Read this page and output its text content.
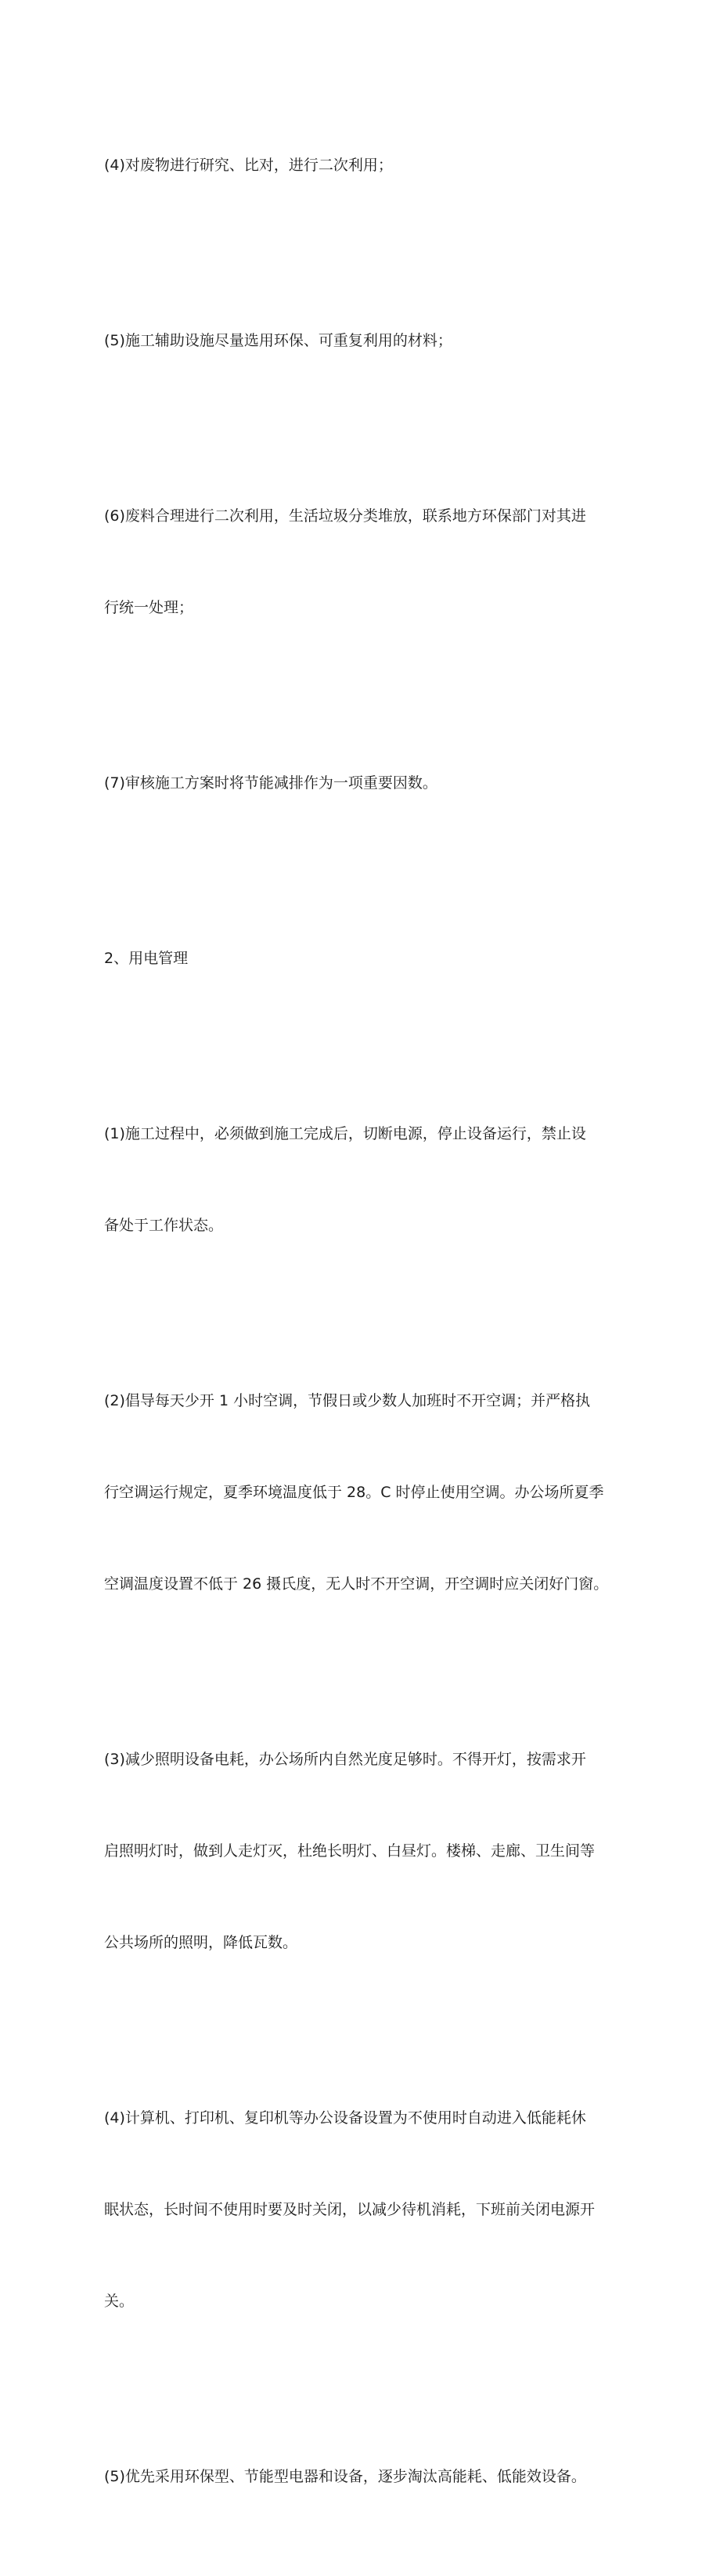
(4)对废物进行研究、比对，进行二次利用；

(5)施工辅助设施尽量选用环保、可重复利用的材料；

(6)废料合理进行二次利用，生活垃圾分类堆放，联系地方环保部门对其进

行统一处理；

(7)审核施工方案时将节能减排作为一项重要因数。

2、用电管理

(1)施工过程中，必须做到施工完成后，切断电源，停止设备运行，禁止设

备处于工作状态。

(2)倡导每天少开 1 小时空调，节假日或少数人加班时不开空调；并严格执

行空调运行规定，夏季环境温度低于 28。C 时停止使用空调。办公场所夏季

空调温度设置不低于 26 摄氏度，无人时不开空调，开空调时应关闭好门窗。

(3)减少照明设备电耗，办公场所内自然光度足够时。不得开灯，按需求开

启照明灯时，做到人走灯灭，杜绝长明灯、白昼灯。楼梯、走廊、卫生间等

公共场所的照明，降低瓦数。

(4)计算机、打印机、复印机等办公设备设置为不使用时自动进入低能耗休

眠状态，长时间不使用时要及时关闭，以减少待机消耗，下班前关闭电源开

关。

(5)优先采用环保型、节能型电器和设备，逐步淘汰高能耗、低能效设备。
